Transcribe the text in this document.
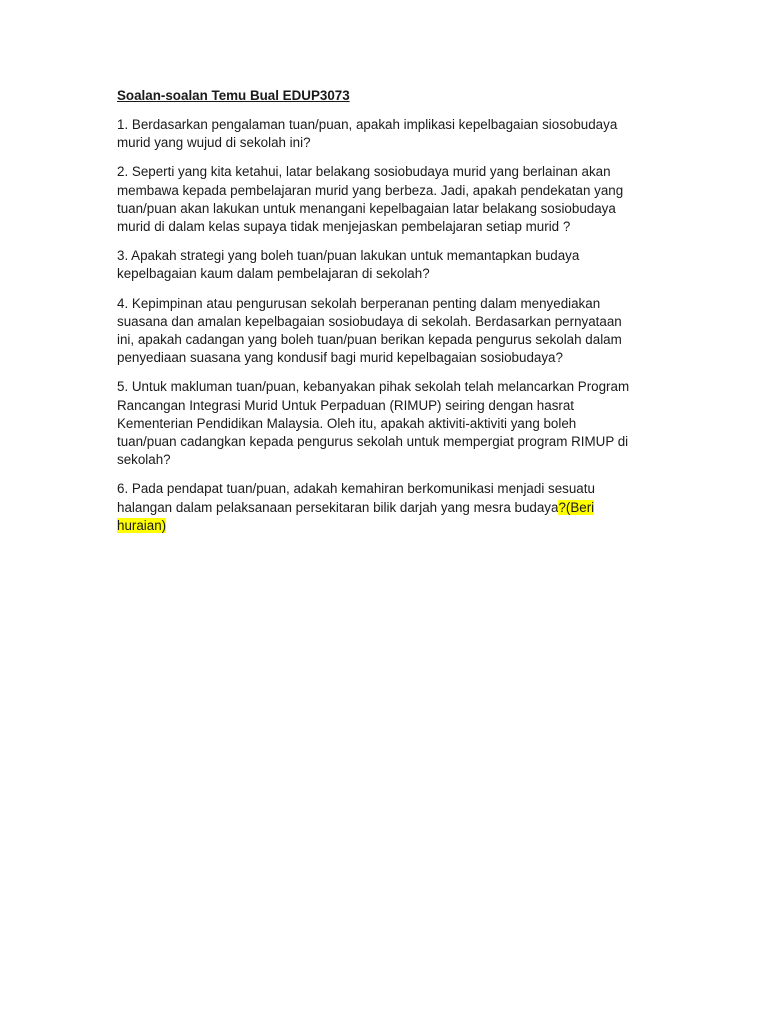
Soalan-soalan Temu Bual EDUP3073

1. Berdasarkan pengalaman tuan/puan, apakah implikasi kepelbagaian siosobudaya murid yang wujud di sekolah ini?

2. Seperti yang kita ketahui, latar belakang sosiobudaya murid yang berlainan akan membawa kepada pembelajaran murid yang berbeza. Jadi, apakah pendekatan yang tuan/puan akan lakukan untuk menangani kepelbagaian latar belakang sosiobudaya murid di dalam kelas supaya tidak menjejaskan pembelajaran setiap murid ?

3. Apakah strategi yang boleh tuan/puan lakukan untuk memantapkan budaya kepelbagaian kaum dalam pembelajaran di sekolah?

4. Kepimpinan atau pengurusan sekolah berperanan penting dalam menyediakan suasana dan amalan kepelbagaian sosiobudaya di sekolah. Berdasarkan pernyataan ini, apakah cadangan yang boleh tuan/puan berikan kepada pengurus sekolah dalam penyediaan suasana yang kondusif bagi murid kepelbagaian sosiobudaya?

5. Untuk makluman tuan/puan, kebanyakan pihak sekolah telah melancarkan Program Rancangan Integrasi Murid Untuk Perpaduan (RIMUP) seiring dengan hasrat Kementerian Pendidikan Malaysia. Oleh itu, apakah aktiviti-aktiviti yang boleh tuan/puan cadangkan kepada pengurus sekolah untuk mempergiat program RIMUP di sekolah?

6. Pada pendapat tuan/puan, adakah kemahiran berkomunikasi menjadi sesuatu halangan dalam pelaksanaan persekitaran bilik darjah yang mesra budaya?(Beri huraian)
